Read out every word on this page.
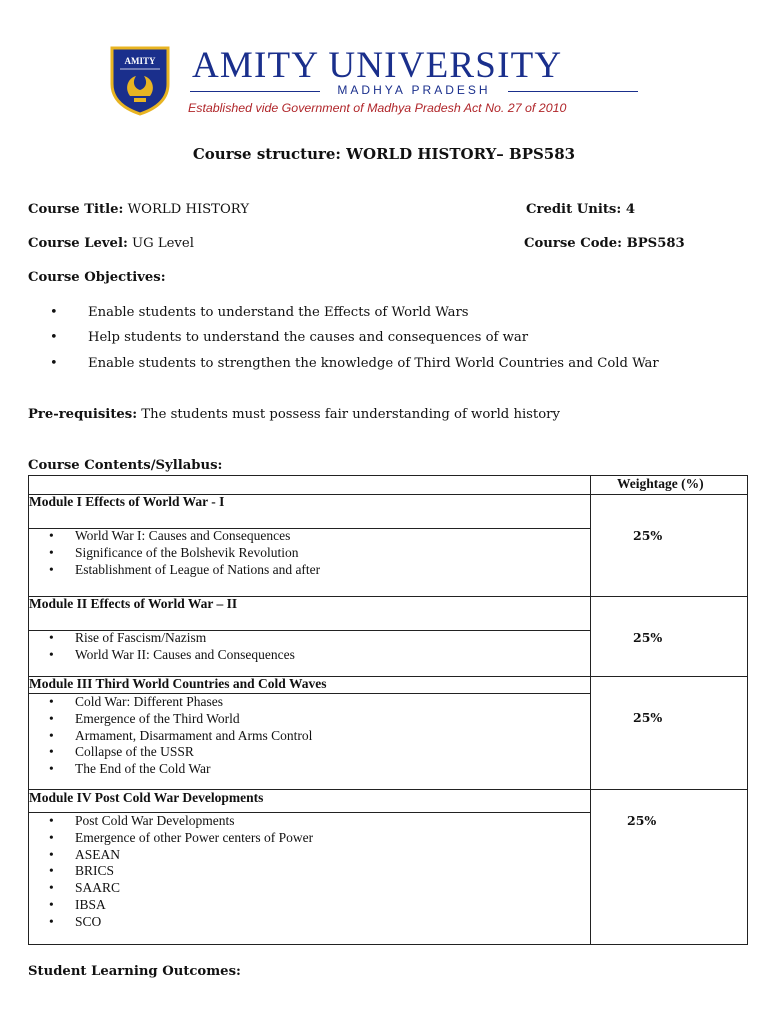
AMITY AMITY UNIVERSITY
MADHYA PRADESH
Established vide Government of Madhya Pradesh Act No. 27 of 2010
Course structure: WORLD HISTORY– BPS583
Course Title: WORLD HISTORY	Credit Units: 4
Course Level: UG Level	Course Code: BPS583
Course Objectives:
• Enable students to understand the Effects of World Wars
• Help students to understand the causes and consequences of war
• Enable students to strengthen the knowledge of Third World Countries and Cold War
Pre-requisites: The students must possess fair understanding of world history
Course Contents/Syllabus:
Weightage (%)
Module I Effects of World War - I
• World War I: Causes and Consequences
• Significance of the Bolshevik Revolution
• Establishment of League of Nations and after
25%
Module II Effects of World War – II
• Rise of Fascism/Nazism
• World War II: Causes and Consequences
25%
Module III Third World Countries and Cold Waves
• Cold War: Different Phases
• Emergence of the Third World
• Armament, Disarmament and Arms Control
• Collapse of the USSR
• The End of the Cold War
25%
Module IV Post Cold War Developments
• Post Cold War Developments
• Emergence of other Power centers of Power
• ASEAN
• BRICS
• SAARC
• IBSA
• SCO
25%
Student Learning Outcomes:
